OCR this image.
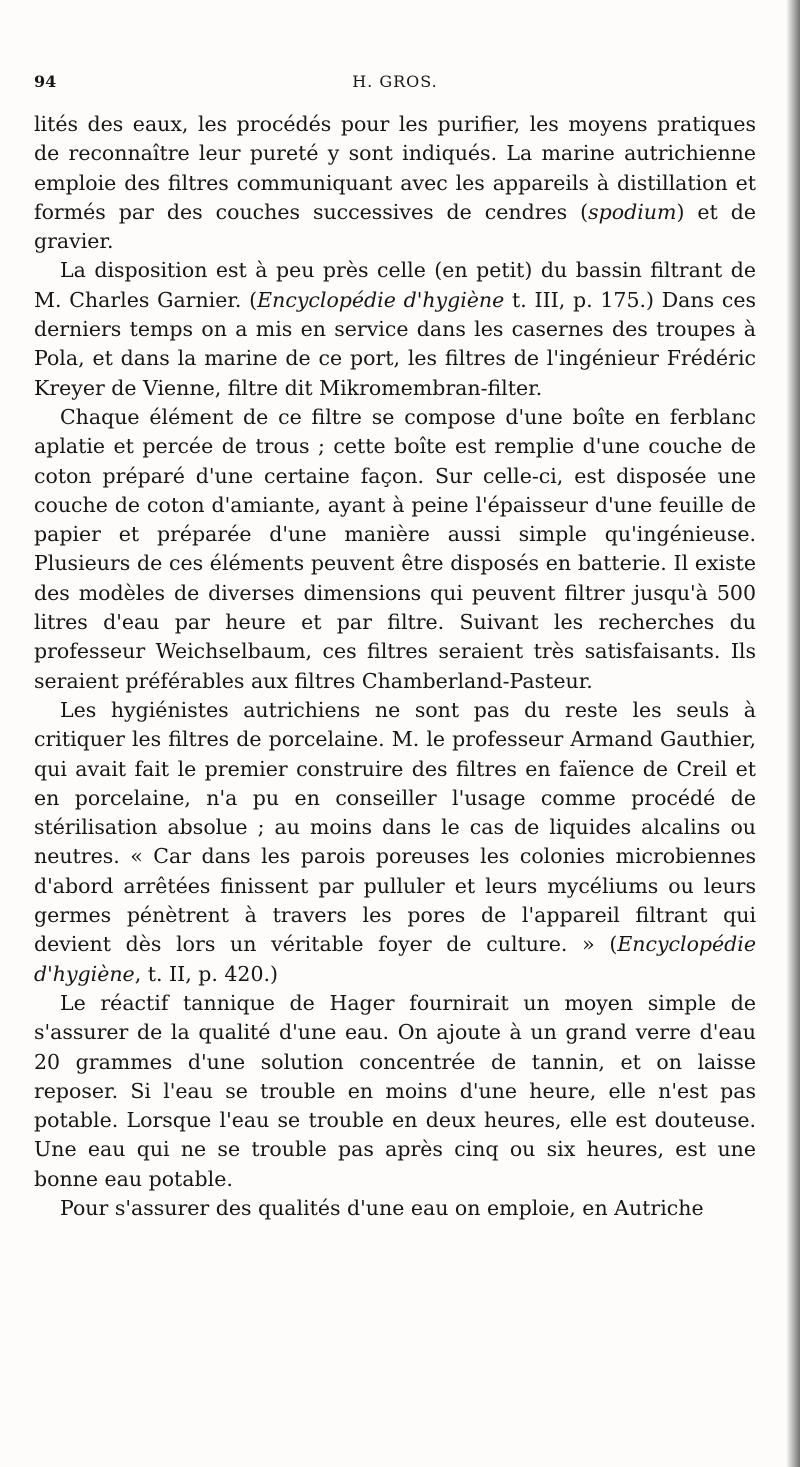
94	H. GROS.

lités des eaux, les procédés pour les purifier, les moyens pratiques de reconnaître leur pureté y sont indiqués. La marine autrichienne emploie des filtres communiquant avec les appareils à distillation et formés par des couches successives de cendres (spodium) et de gravier.

La disposition est à peu près celle (en petit) du bassin filtrant de M. Charles Garnier. (Encyclopédie d'hygiène t. III, p. 175.) Dans ces derniers temps on a mis en service dans les casernes des troupes à Pola, et dans la marine de ce port, les filtres de l'ingénieur Frédéric Kreyer de Vienne, filtre dit Mikromembran-filter.

Chaque élément de ce filtre se compose d'une boîte en ferblanc aplatie et percée de trous ; cette boîte est remplie d'une couche de coton préparé d'une certaine façon. Sur celle-ci, est disposée une couche de coton d'amiante, ayant à peine l'épaisseur d'une feuille de papier et préparée d'une manière aussi simple qu'ingénieuse. Plusieurs de ces éléments peuvent être disposés en batterie. Il existe des modèles de diverses dimensions qui peuvent filtrer jusqu'à 500 litres d'eau par heure et par filtre. Suivant les recherches du professeur Weichselbaum, ces filtres seraient très satisfaisants. Ils seraient préférables aux filtres Chamberland-Pasteur.

Les hygiénistes autrichiens ne sont pas du reste les seuls à critiquer les filtres de porcelaine. M. le professeur Armand Gauthier, qui avait fait le premier construire des filtres en faïence de Creil et en porcelaine, n'a pu en conseiller l'usage comme procédé de stérilisation absolue ; au moins dans le cas de liquides alcalins ou neutres. « Car dans les parois poreuses les colonies microbiennes d'abord arrêtées finissent par pulluler et leurs mycéliums ou leurs germes pénètrent à travers les pores de l'appareil filtrant qui devient dès lors un véritable foyer de culture. » (Encyclopédie d'hygiène, t. II, p. 420.)

Le réactif tannique de Hager fournirait un moyen simple de s'assurer de la qualité d'une eau. On ajoute à un grand verre d'eau 20 grammes d'une solution concentrée de tannin, et on laisse reposer. Si l'eau se trouble en moins d'une heure, elle n'est pas potable. Lorsque l'eau se trouble en deux heures, elle est douteuse. Une eau qui ne se trouble pas après cinq ou six heures, est une bonne eau potable.

Pour s'assurer des qualités d'une eau on emploie, en Autriche
